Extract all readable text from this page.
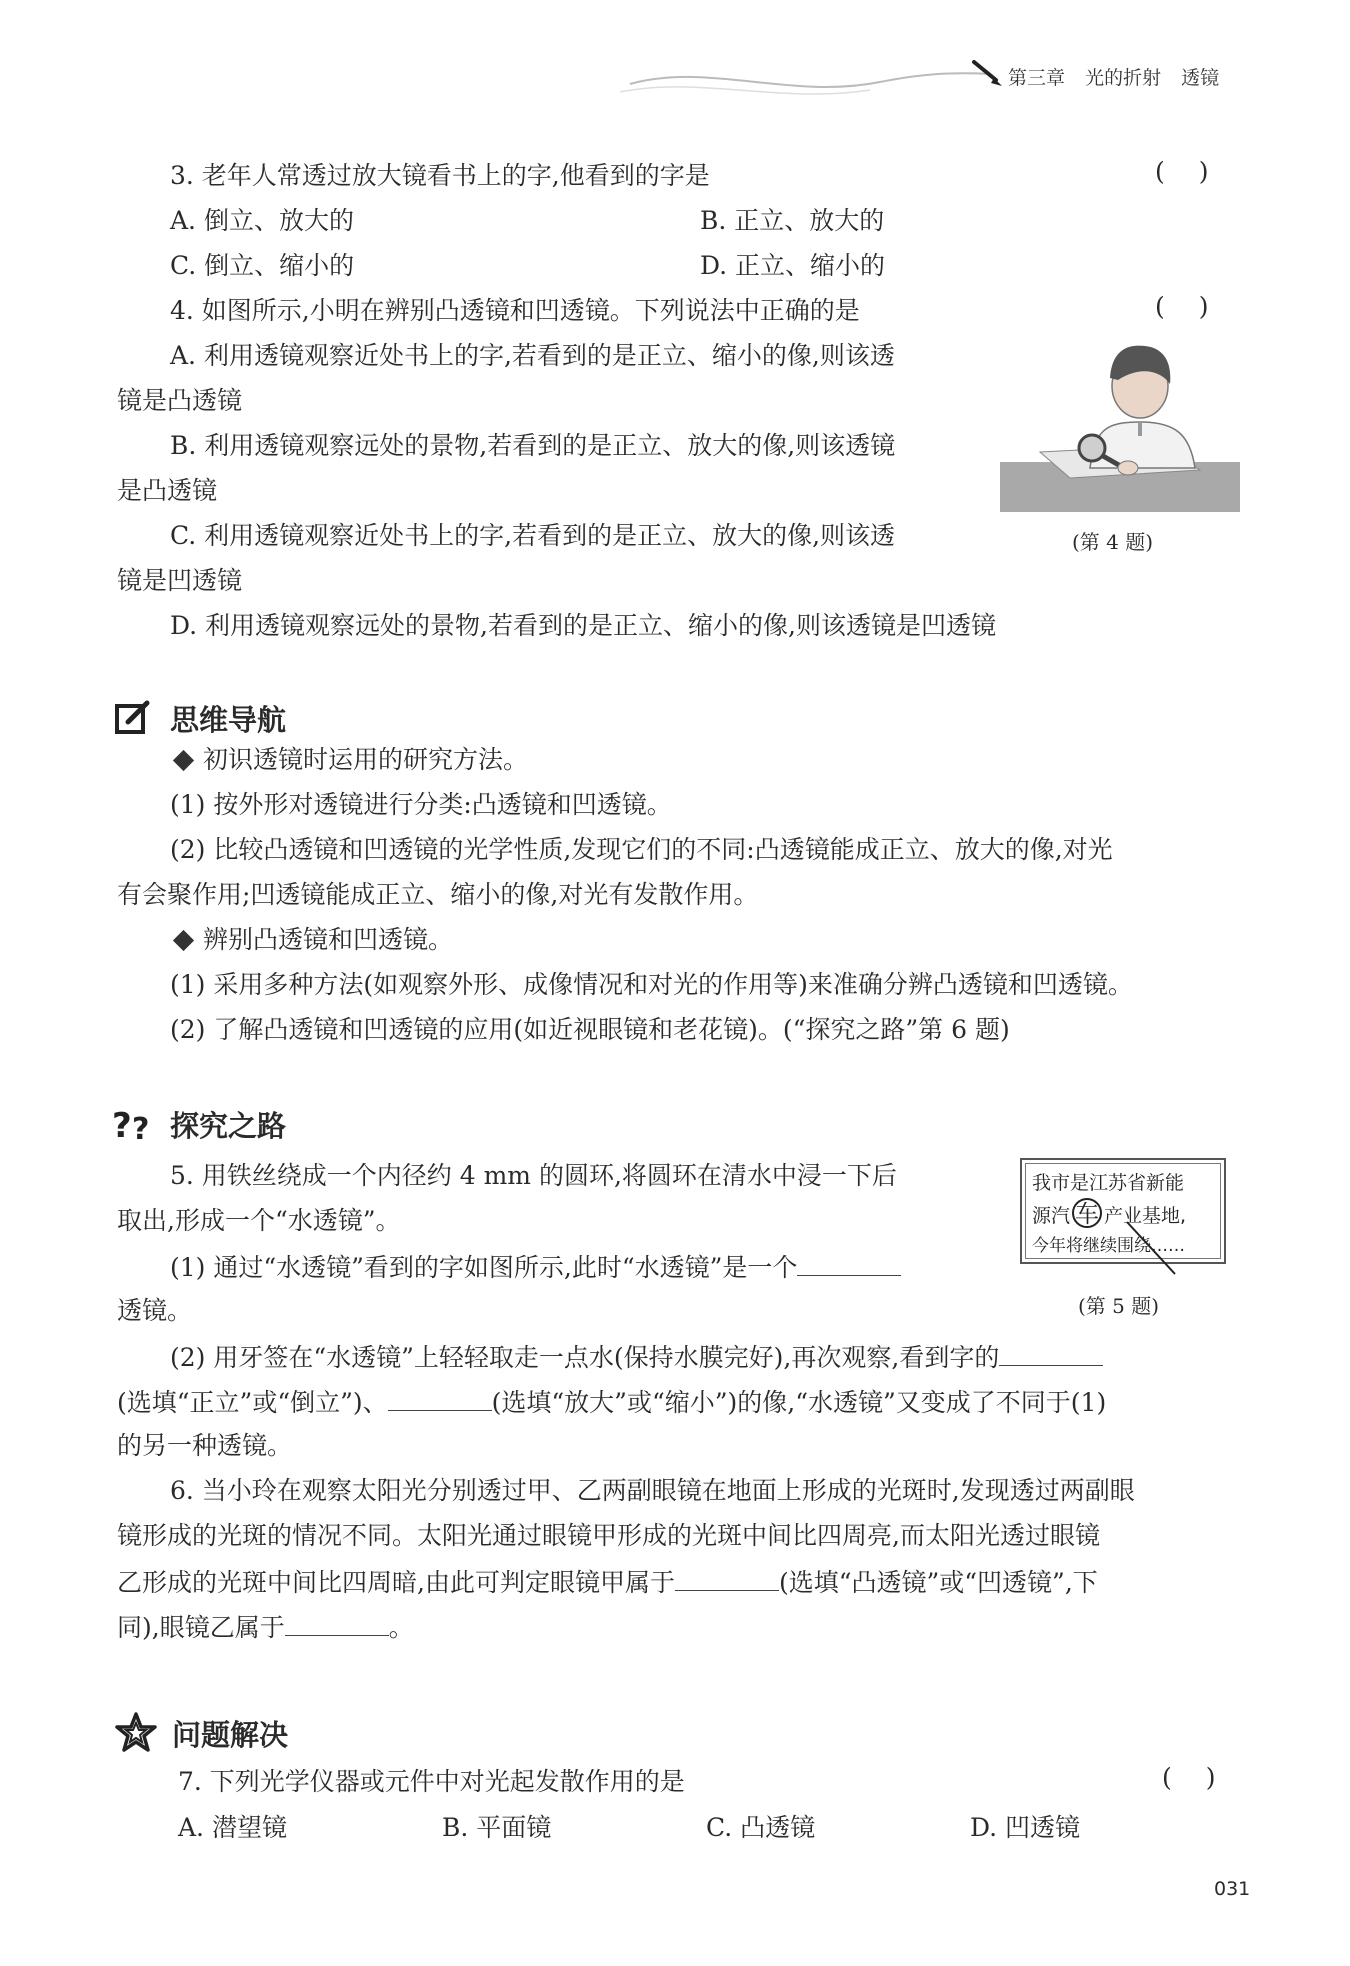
第三章 光的折射 透镜
3. 老年人常透过放大镜看书上的字,他看到的字是	( )
A. 倒立、放大的	B. 正立、放大的
C. 倒立、缩小的	D. 正立、缩小的
4. 如图所示,小明在辨别凸透镜和凹透镜。下列说法中正确的是	( )
A. 利用透镜观察近处书上的字,若看到的是正立、缩小的像,则该透
镜是凸透镜
B. 利用透镜观察远处的景物,若看到的是正立、放大的像,则该透镜
是凸透镜
C. 利用透镜观察近处书上的字,若看到的是正立、放大的像,则该透
镜是凹透镜
D. 利用透镜观察远处的景物,若看到的是正立、缩小的像,则该透镜是凹透镜
(第 4 题)
思维导航
初识透镜时运用的研究方法。
(1) 按外形对透镜进行分类:凸透镜和凹透镜。
(2) 比较凸透镜和凹透镜的光学性质,发现它们的不同:凸透镜能成正立、放大的像,对光
有会聚作用;凹透镜能成正立、缩小的像,对光有发散作用。
辨别凸透镜和凹透镜。
(1) 采用多种方法(如观察外形、成像情况和对光的作用等)来准确分辨凸透镜和凹透镜。
(2) 了解凸透镜和凹透镜的应用(如近视眼镜和老花镜)。(“探究之路”第 6 题)
? ? 探究之路
5. 用铁丝绕成一个内径约 4 mm 的圆环,将圆环在清水中浸一下后
取出,形成一个“水透镜”。
(1) 通过“水透镜”看到的字如图所示,此时“水透镜”是一个
透镜。
(2) 用牙签在“水透镜”上轻轻取走一点水(保持水膜完好),再次观察,看到字的
(选填“正立”或“倒立”)、	(选填“放大”或“缩小”)的像,“水透镜”又变成了不同于(1)
的另一种透镜。
我市是江苏省新能
源汽 车 产业基地,
今年将继续围绕……
(第 5 题)
6. 当小玲在观察太阳光分别透过甲、乙两副眼镜在地面上形成的光斑时,发现透过两副眼
镜形成的光斑的情况不同。太阳光通过眼镜甲形成的光斑中间比四周亮,而太阳光透过眼镜
乙形成的光斑中间比四周暗,由此可判定眼镜甲属于	(选填“凸透镜”或“凹透镜”,下
同),眼镜乙属于	。
问题解决
7. 下列光学仪器或元件中对光起发散作用的是	( )
A. 潜望镜	B. 平面镜	C. 凸透镜	D. 凹透镜
031
